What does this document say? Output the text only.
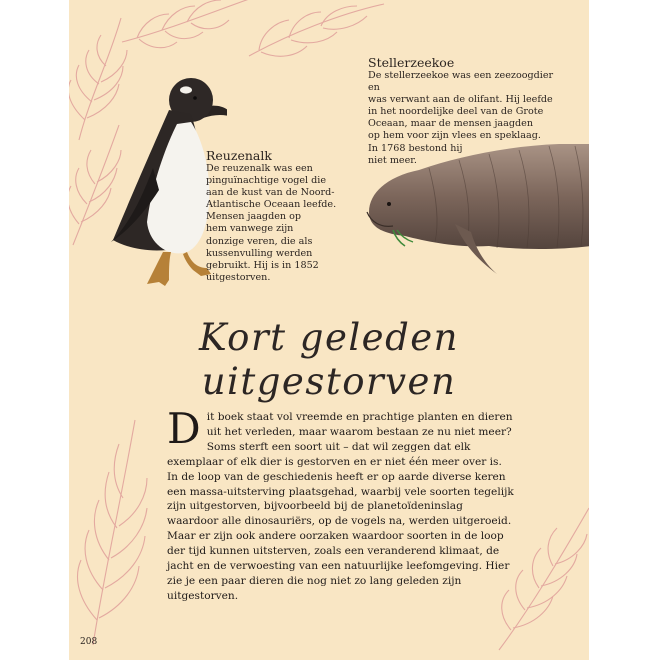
Stellerzeekoe
De stellerzeekoe was een zeezoogdier en
was verwant aan de olifant. Hij leefde
in het noordelijke deel van de Grote
Oceaan, maar de mensen jaagden
op hem voor zijn vlees en speklaag.
In 1768 bestond hij
niet meer.
Reuzenalk
De reuzenalk was een
pinguïnachtige vogel die
aan de kust van de Noord-
Atlantische Oceaan leefde.
Mensen jaagden op
hem vanwege zijn
donzige veren, die als
kussenvulling werden
gebruikt. Hij is in 1852
uitgestorven.
Kort geleden
uitgestorven
Dit boek staat vol vreemde en prachtige planten en dieren uit het verleden, maar waarom bestaan ze nu niet meer? Soms sterft een soort uit – dat wil zeggen dat elk exemplaar of elk dier is gestorven en er niet één meer over is. In de loop van de geschiedenis heeft er op aarde diverse keren een massa-uitsterving plaatsgehad, waarbij vele soorten tegelijk zijn uitgestorven, bijvoorbeeld bij de planetoïdeninslag waardoor alle dinosauriërs, op de vogels na, werden uitgeroeid. Maar er zijn ook andere oorzaken waardoor soorten in de loop der tijd kunnen uitsterven, zoals een veranderend klimaat, de jacht en de verwoesting van een natuurlijke leefomgeving. Hier zie je een paar dieren die nog niet zo lang geleden zijn uitgestorven.
208
